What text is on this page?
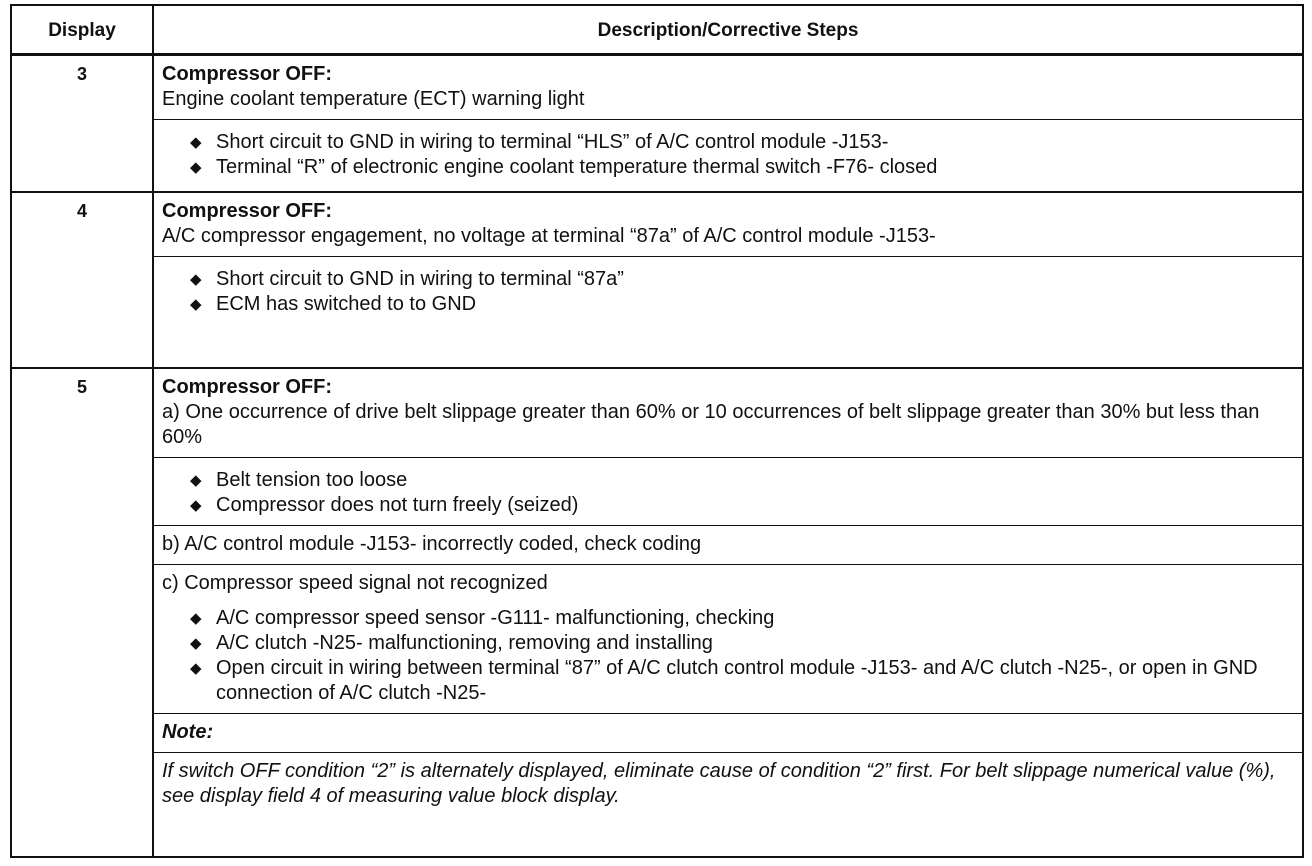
Display	Description/Corrective Steps
3	Compressor OFF:

Engine coolant temperature (ECT) warning light

◆ Short circuit to GND in wiring to terminal “HLS” of A/C control module -J153-
◆ Terminal “R” of electronic engine coolant temperature thermal switch -F76- closed
4	Compressor OFF:

A/C compressor engagement, no voltage at terminal “87a” of A/C control module -J153-

◆ Short circuit to GND in wiring to terminal “87a”
◆ ECM has switched to to GND
5	Compressor OFF:

a) One occurrence of drive belt slippage greater than 60% or 10 occurrences of belt slippage greater than 30% but less than 60%

◆ Belt tension too loose
◆ Compressor does not turn freely (seized)

b) A/C control module -J153- incorrectly coded, check coding

c) Compressor speed signal not recognized

◆ A/C compressor speed sensor -G111- malfunctioning, checking
◆ A/C clutch -N25- malfunctioning, removing and installing
◆ Open circuit in wiring between terminal “87” of A/C clutch control module -J153- and A/C clutch -N25-, or open in GND connection of A/C clutch -N25-

Note:

If switch OFF condition “2” is alternately displayed, eliminate cause of condition “2” first. For belt slippage numerical value (%), see display field 4 of measuring value block display.
